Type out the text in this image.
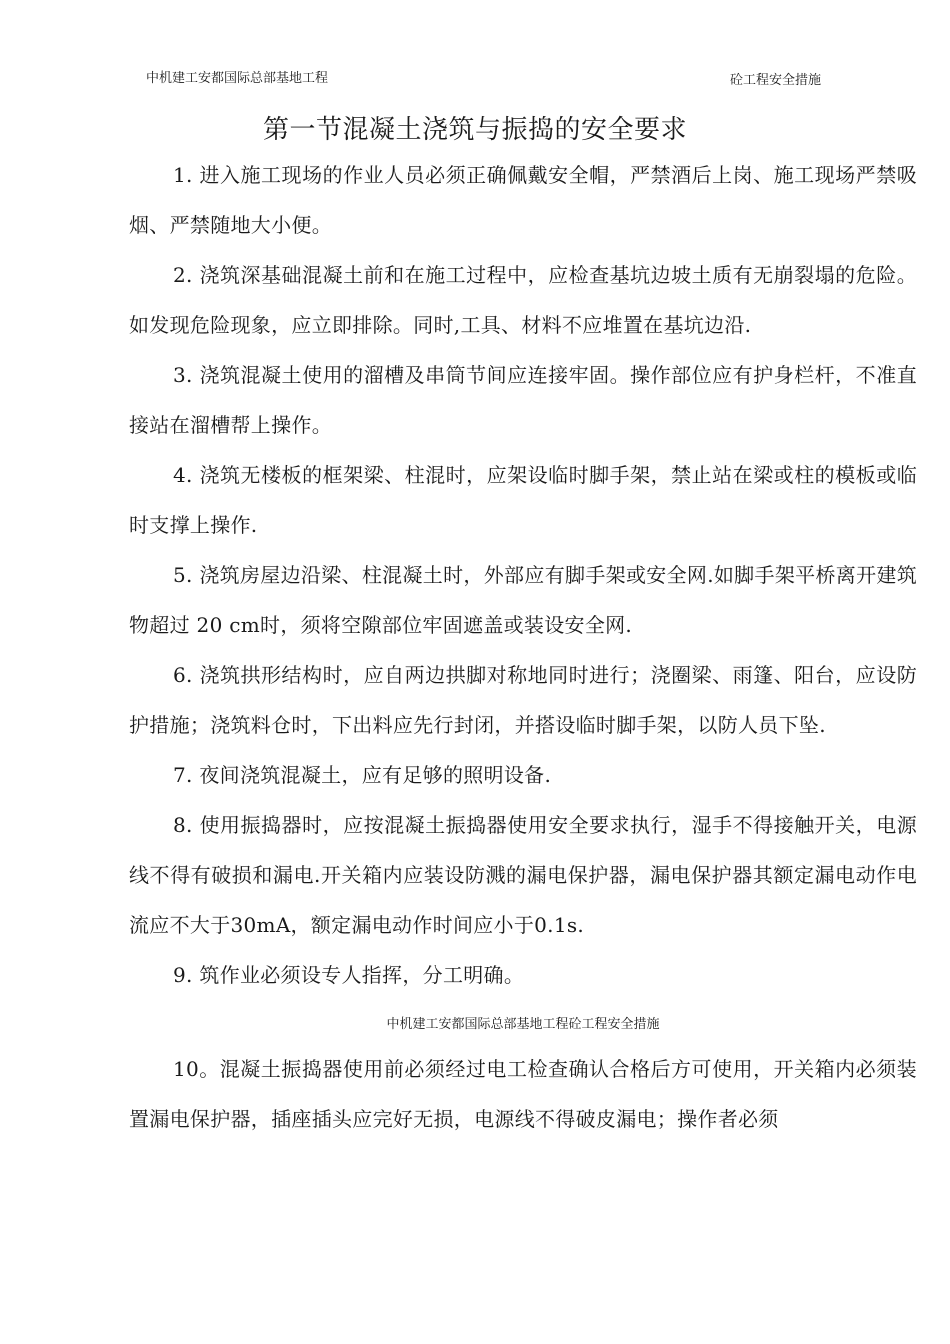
中机建工安都国际总部基地工程	砼工程安全措施
第一节混凝土浇筑与振捣的安全要求

1. 进入施工现场的作业人员必须正确佩戴安全帽，严禁酒后上岗、施工现场严禁吸烟、严禁随地大小便。

2. 浇筑深基础混凝土前和在施工过程中，应检查基坑边坡土质有无崩裂塌的危险。如发现危险现象，应立即排除。同时,工具、材料不应堆置在基坑边沿.

3. 浇筑混凝土使用的溜槽及串筒节间应连接牢固。操作部位应有护身栏杆，不准直接站在溜槽帮上操作。

4. 浇筑无楼板的框架梁、柱混时，应架设临时脚手架，禁止站在梁或柱的模板或临时支撑上操作.

5. 浇筑房屋边沿梁、柱混凝土时，外部应有脚手架或安全网.如脚手架平桥离开建筑物超过 20 cm时，须将空隙部位牢固遮盖或装设安全网.

6. 浇筑拱形结构时，应自两边拱脚对称地同时进行；浇圈梁、雨篷、阳台，应设防护措施；浇筑料仓时，下出料应先行封闭，并搭设临时脚手架，以防人员下坠.

7. 夜间浇筑混凝土，应有足够的照明设备.

8. 使用振捣器时，应按混凝土振捣器使用安全要求执行，湿手不得接触开关，电源线不得有破损和漏电.开关箱内应装设防溅的漏电保护器，漏电保护器其额定漏电动作电流应不大于30mA，额定漏电动作时间应小于0.1s.

9. 筑作业必须设专人指挥，分工明确。

中机建工安都国际总部基地工程砼工程安全措施

10。混凝土振捣器使用前必须经过电工检查确认合格后方可使用，开关箱内必须装置漏电保护器，插座插头应完好无损，电源线不得破皮漏电；操作者必须
